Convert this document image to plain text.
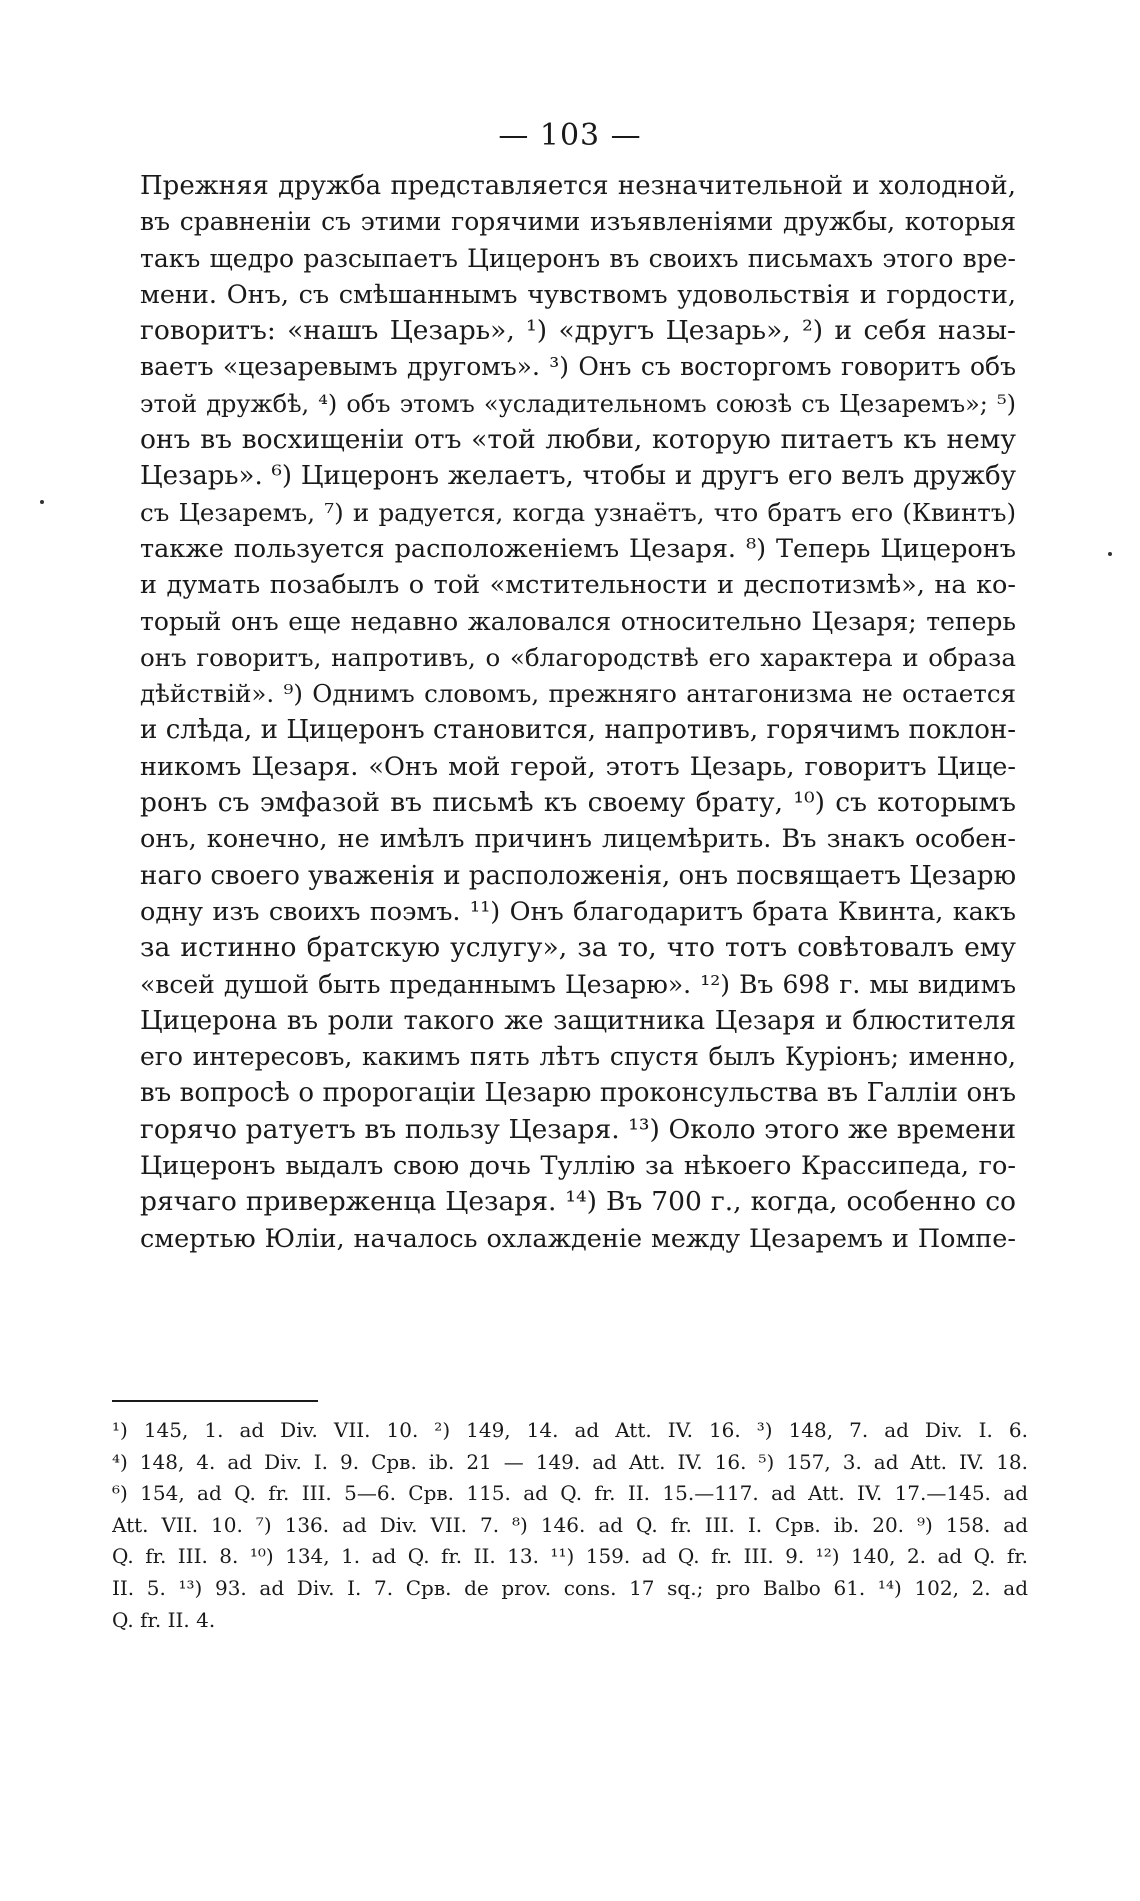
— 103 —
Прежняя дружба представляется незначительной и холодной,
въ сравненіи съ этими горячими изъявленіями дружбы, которыя
такъ щедро разсыпаетъ Цицеронъ въ своихъ письмахъ этого вре-
мени. Онъ, съ смѣшаннымъ чувствомъ удовольствія и гордости,
говоритъ: «нашъ Цезарь», ¹) «другъ Цезарь», ²) и себя назы-
ваетъ «цезаревымъ другомъ». ³) Онъ съ восторгомъ говоритъ объ
этой дружбѣ, ⁴) объ этомъ «усладительномъ союзѣ съ Цезаремъ»; ⁵)
онъ въ восхищеніи отъ «той любви, которую питаетъ къ нему
Цезарь». ⁶) Цицеронъ желаетъ, чтобы и другъ его велъ дружбу
съ Цезаремъ, ⁷) и радуется, когда узнаётъ, что братъ его (Квинтъ)
также пользуется расположеніемъ Цезаря. ⁸) Теперь Цицеронъ
и думать позабылъ о той «мстительности и деспотизмѣ», на ко-
торый онъ еще недавно жаловался относительно Цезаря; теперь
онъ говоритъ, напротивъ, о «благородствѣ его характера и образа
дѣйствій». ⁹) Однимъ словомъ, прежняго антагонизма не остается
и слѣда, и Цицеронъ становится, напротивъ, горячимъ поклон-
никомъ Цезаря. «Онъ мой герой, этотъ Цезарь, говоритъ Цице-
ронъ съ эмфазой въ письмѣ къ своему брату, ¹⁰) съ которымъ
онъ, конечно, не имѣлъ причинъ лицемѣрить. Въ знакъ особен-
наго своего уваженія и расположенія, онъ посвящаетъ Цезарю
одну изъ своихъ поэмъ. ¹¹) Онъ благодаритъ брата Квинта, какъ
за истинно братскую услугу», за то, что тотъ совѣтовалъ ему
«всей душой быть преданнымъ Цезарю». ¹²) Въ 698 г. мы видимъ
Цицерона въ роли такого же защитника Цезаря и блюстителя
его интересовъ, какимъ пять лѣтъ спустя былъ Куріонъ; именно,
въ вопросѣ о пророгаціи Цезарю проконсульства въ Галліи онъ
горячо ратуетъ въ пользу Цезаря. ¹³) Около этого же времени
Цицеронъ выдалъ свою дочь Туллію за нѣкоего Крассипеда, го-
рячаго приверженца Цезаря. ¹⁴) Въ 700 г., когда, особенно со
смертью Юліи, началось охлажденіе между Цезаремъ и Помпе-
¹) 145, 1. ad Div. VII. 10. ²) 149, 14. ad Att. IV. 16. ³) 148, 7. ad Div. I. 6.
⁴) 148, 4. ad Div. I. 9. Срв. ib. 21 — 149. ad Att. IV. 16. ⁵) 157, 3. ad Att. IV. 18.
⁶) 154, ad Q. fr. III. 5—6. Срв. 115. ad Q. fr. II. 15.—117. ad Att. IV. 17.—145. ad
Att. VII. 10. ⁷) 136. ad Div. VII. 7. ⁸) 146. ad Q. fr. III. I. Срв. ib. 20. ⁹) 158. ad
Q. fr. III. 8. ¹⁰) 134, 1. ad Q. fr. II. 13. ¹¹) 159. ad Q. fr. III. 9. ¹²) 140, 2. ad Q. fr.
II. 5. ¹³) 93. ad Div. I. 7. Срв. de prov. cons. 17 sq.; pro Balbo 61. ¹⁴) 102, 2. ad
Q. fr. II. 4.
